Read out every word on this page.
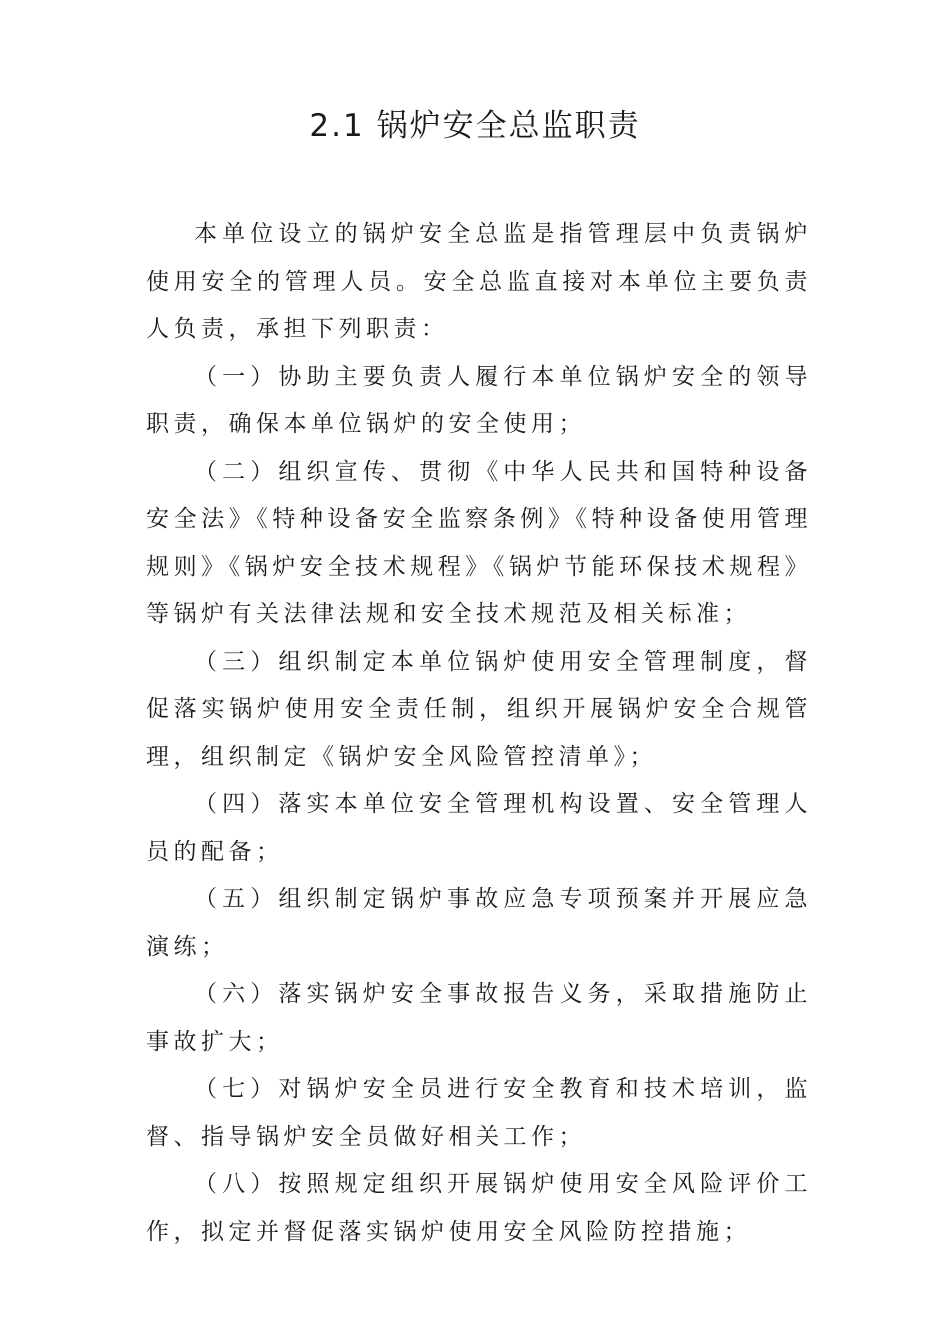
2.1 锅炉安全总监职责

本单位设立的锅炉安全总监是指管理层中负责锅炉使用安全的管理人员。安全总监直接对本单位主要负责人负责，承担下列职责：

（一）协助主要负责人履行本单位锅炉安全的领导职责，确保本单位锅炉的安全使用；

（二）组织宣传、贯彻《中华人民共和国特种设备安全法》《特种设备安全监察条例》《特种设备使用管理规则》《锅炉安全技术规程》《锅炉节能环保技术规程》等锅炉有关法律法规和安全技术规范及相关标准；

（三）组织制定本单位锅炉使用安全管理制度，督促落实锅炉使用安全责任制，组织开展锅炉安全合规管理，组织制定《锅炉安全风险管控清单》；

（四）落实本单位安全管理机构设置、安全管理人员的配备；

（五）组织制定锅炉事故应急专项预案并开展应急演练；

（六）落实锅炉安全事故报告义务，采取措施防止事故扩大；

（七）对锅炉安全员进行安全教育和技术培训，监督、指导锅炉安全员做好相关工作；

（八）按照规定组织开展锅炉使用安全风险评价工作，拟定并督促落实锅炉使用安全风险防控措施；
